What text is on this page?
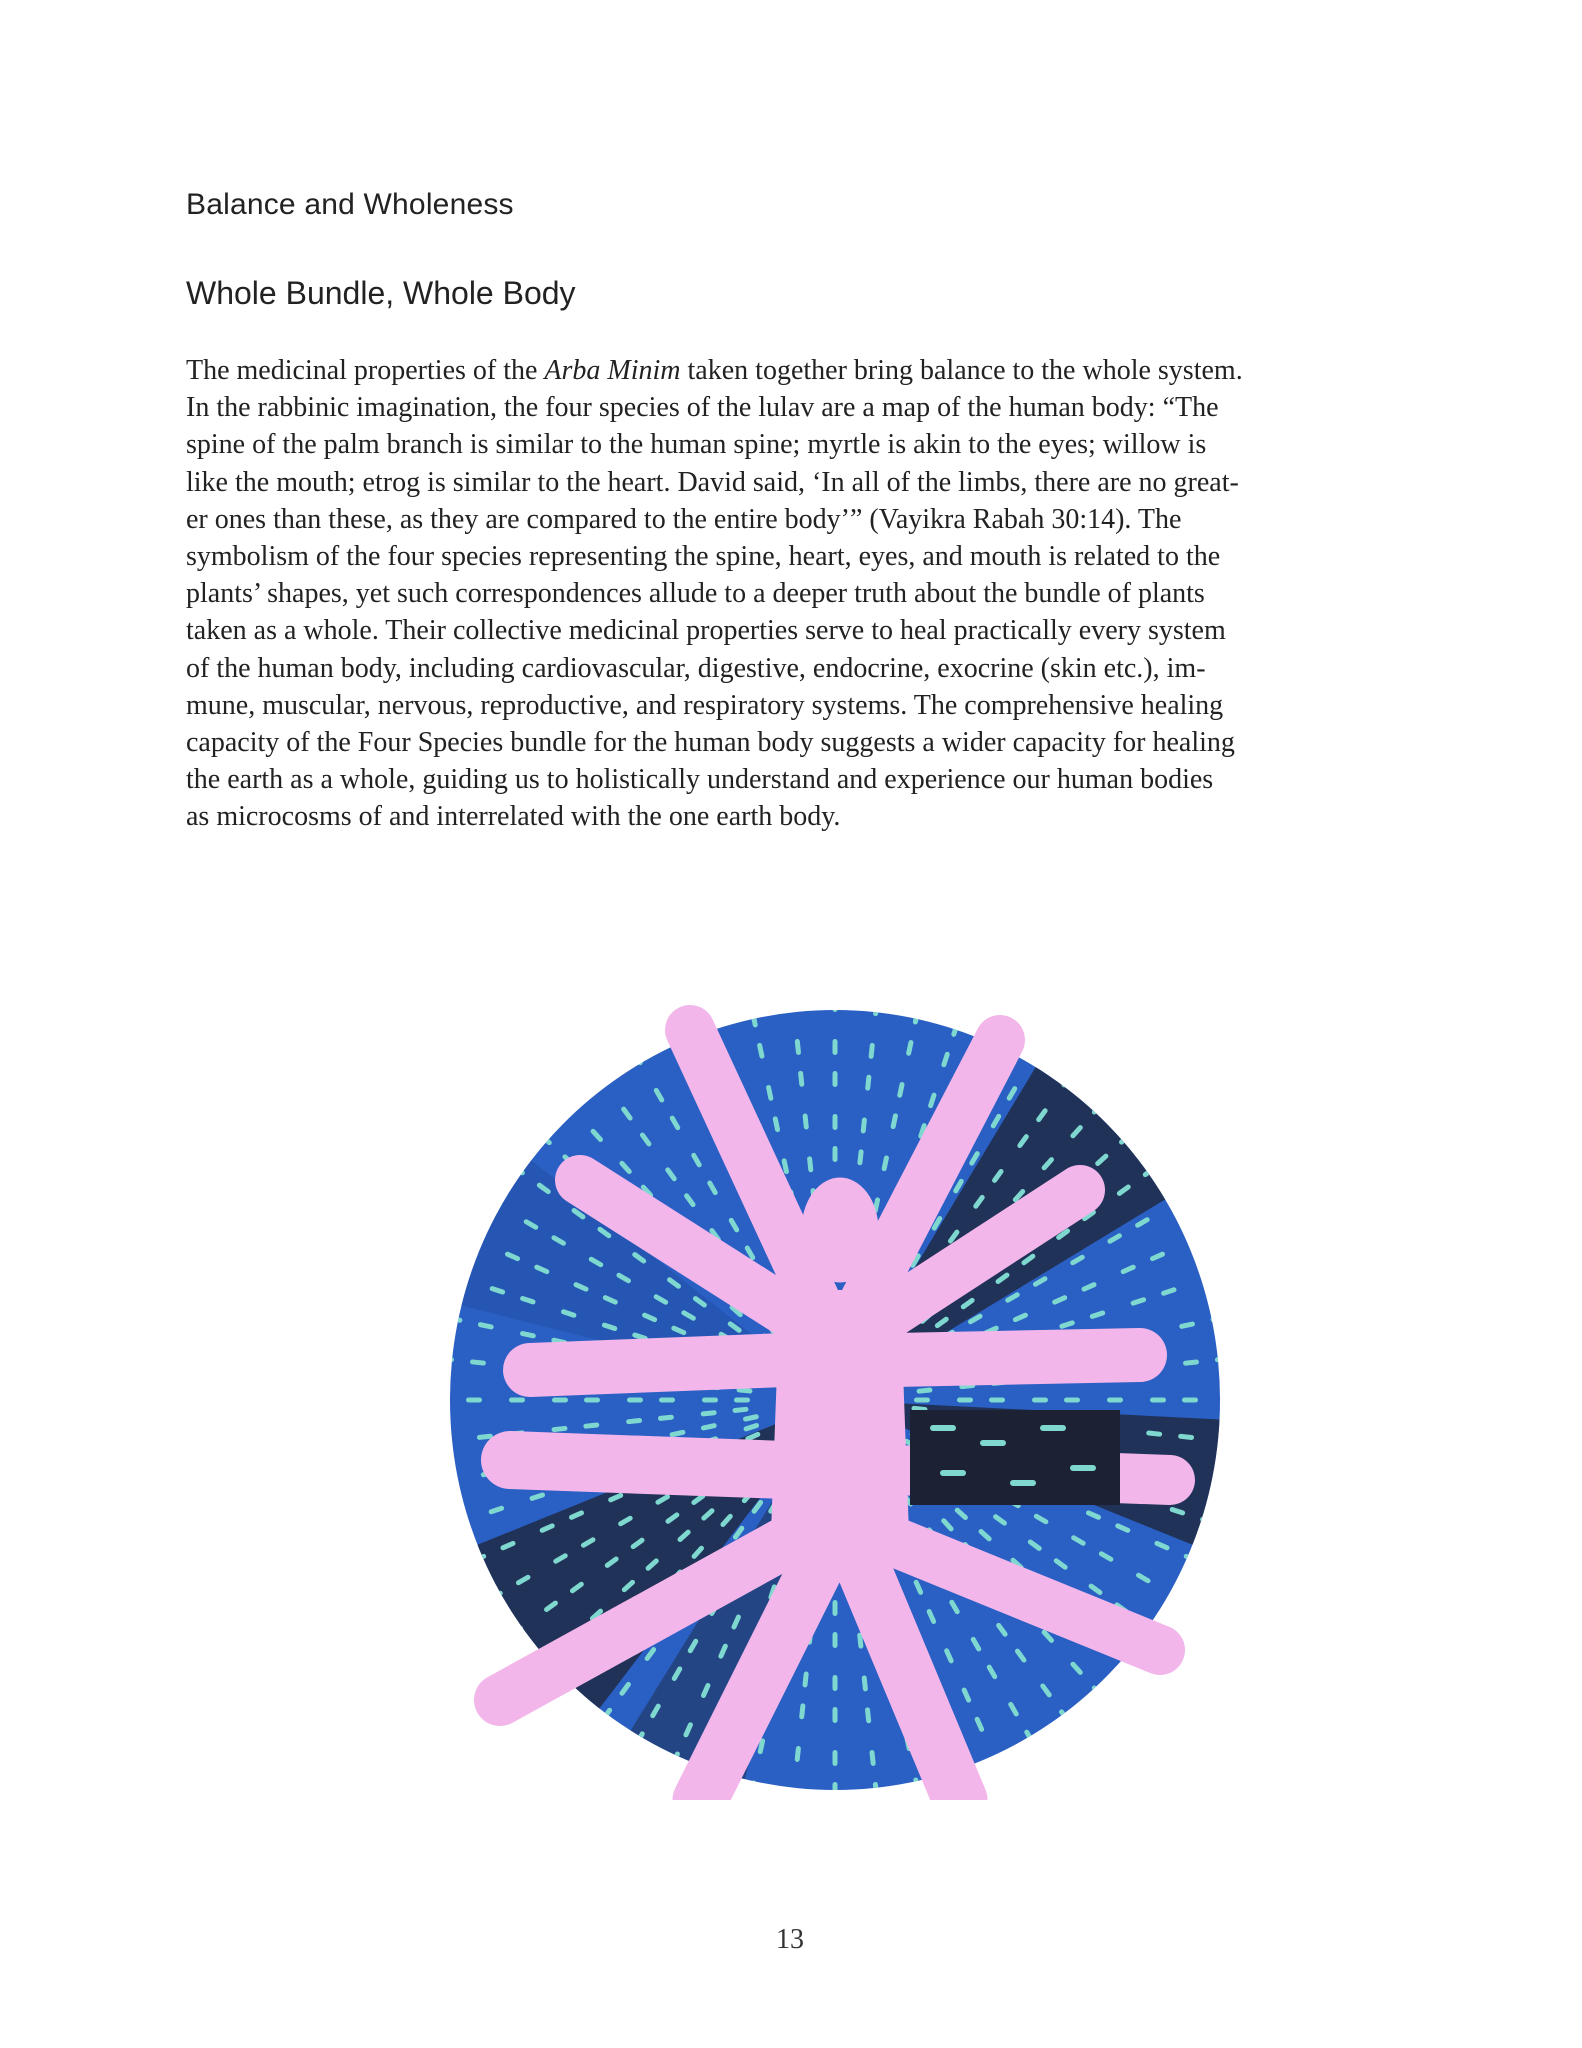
Balance and Wholeness
Whole Bundle, Whole Body

The medicinal properties of the Arba Minim taken together bring balance to the whole system.
In the rabbinic imagination, the four species of the lulav are a map of the human body: “The
spine of the palm branch is similar to the human spine; myrtle is akin to the eyes; willow is
like the mouth; etrog is similar to the heart. David said, ‘In all of the limbs, there are no great-
er ones than these, as they are compared to the entire body’” (Vayikra Rabah 30:14). The
symbolism of the four species representing the spine, heart, eyes, and mouth is related to the
plants’ shapes, yet such correspondences allude to a deeper truth about the bundle of plants
taken as a whole. Their collective medicinal properties serve to heal practically every system
of the human body, including cardiovascular, digestive, endocrine, exocrine (skin etc.), im-
mune, muscular, nervous, reproductive, and respiratory systems. The comprehensive healing
capacity of the Four Species bundle for the human body suggests a wider capacity for healing
the earth as a whole, guiding us to holistically understand and experience our human bodies
as microcosms of and interrelated with the one earth body.

13
